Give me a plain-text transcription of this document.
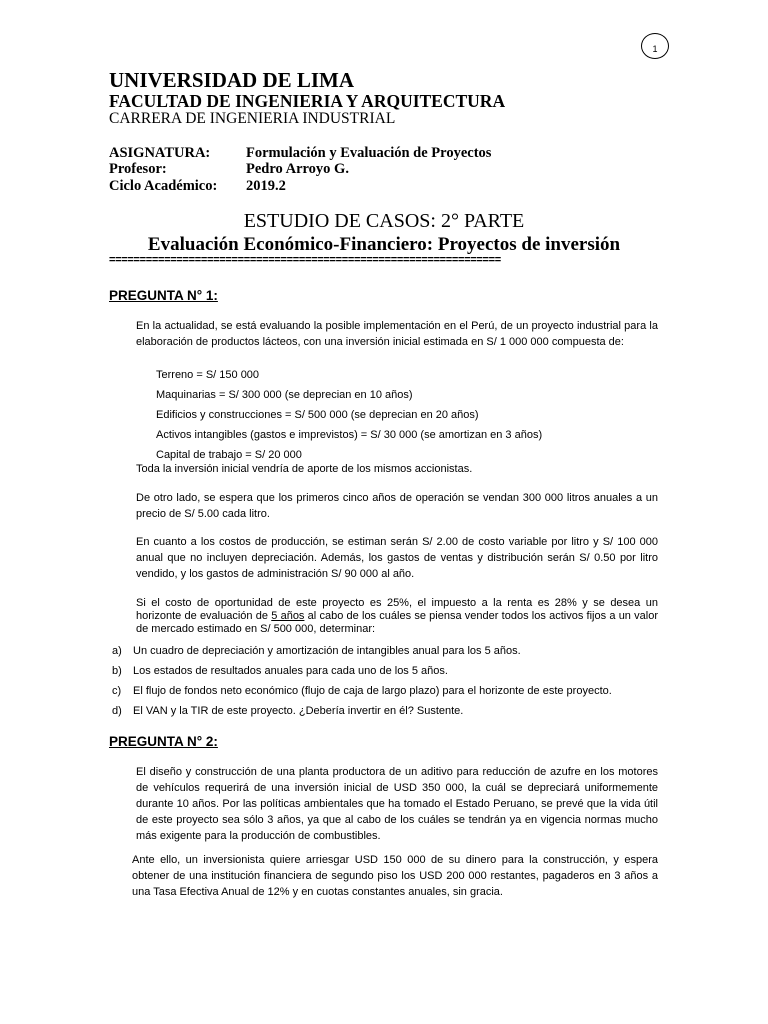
1
UNIVERSIDAD DE LIMA
FACULTAD DE INGENIERIA Y ARQUITECTURA
CARRERA DE INGENIERIA INDUSTRIAL
ASIGNATURA: Formulación y Evaluación de Proyectos
Profesor:	Pedro Arroyo G.
Ciclo Académico: 2019.2
ESTUDIO DE CASOS: 2° PARTE
Evaluación Económico-Financiero: Proyectos de inversión
================================================================
PREGUNTA N° 1:

En la actualidad, se está evaluando la posible implementación en el Perú, de un proyecto industrial para la elaboración de productos lácteos, con una inversión inicial estimada en S/ 1 000 000 compuesta de:

Terreno = S/ 150 000
Maquinarias = S/ 300 000 (se deprecian en 10 años)
Edificios y construcciones = S/ 500 000 (se deprecian en 20 años)
Activos intangibles (gastos e imprevistos) = S/ 30 000 (se amortizan en 3 años)
Capital de trabajo = S/ 20 000
Toda la inversión inicial vendría de aporte de los mismos accionistas.

De otro lado, se espera que los primeros cinco años de operación se vendan 300 000 litros anuales a un precio de S/ 5.00 cada litro.

En cuanto a los costos de producción, se estiman serán S/ 2.00 de costo variable por litro y S/ 100 000 anual que no incluyen depreciación. Además, los gastos de ventas y distribución serán S/ 0.50 por litro vendido, y los gastos de administración S/ 90 000 al año.

Si el costo de oportunidad de este proyecto es 25%, el impuesto a la renta es 28% y se desea un horizonte de evaluación de 5 años al cabo de los cuáles se piensa vender todos los activos fijos a un valor de mercado estimado en S/ 500 000, determinar:

a) Un cuadro de depreciación y amortización de intangibles anual para los 5 años.
b) Los estados de resultados anuales para cada uno de los 5 años.
c) El flujo de fondos neto económico (flujo de caja de largo plazo) para el horizonte de este proyecto.
d) El VAN y la TIR de este proyecto. ¿Debería invertir en él? Sustente.
PREGUNTA N° 2:

El diseño y construcción de una planta productora de un aditivo para reducción de azufre en los motores de vehículos requerirá de una inversión inicial de USD 350 000, la cuál se depreciará uniformemente durante 10 años. Por las políticas ambientales que ha tomado el Estado Peruano, se prevé que la vida útil de este proyecto sea sólo 3 años, ya que al cabo de los cuáles se tendrán ya en vigencia normas mucho más exigente para la producción de combustibles.

Ante ello, un inversionista quiere arriesgar USD 150 000 de su dinero para la construcción, y espera obtener de una institución financiera de segundo piso los USD 200 000 restantes, pagaderos en 3 años a una Tasa Efectiva Anual de 12% y en cuotas constantes anuales, sin gracia.
